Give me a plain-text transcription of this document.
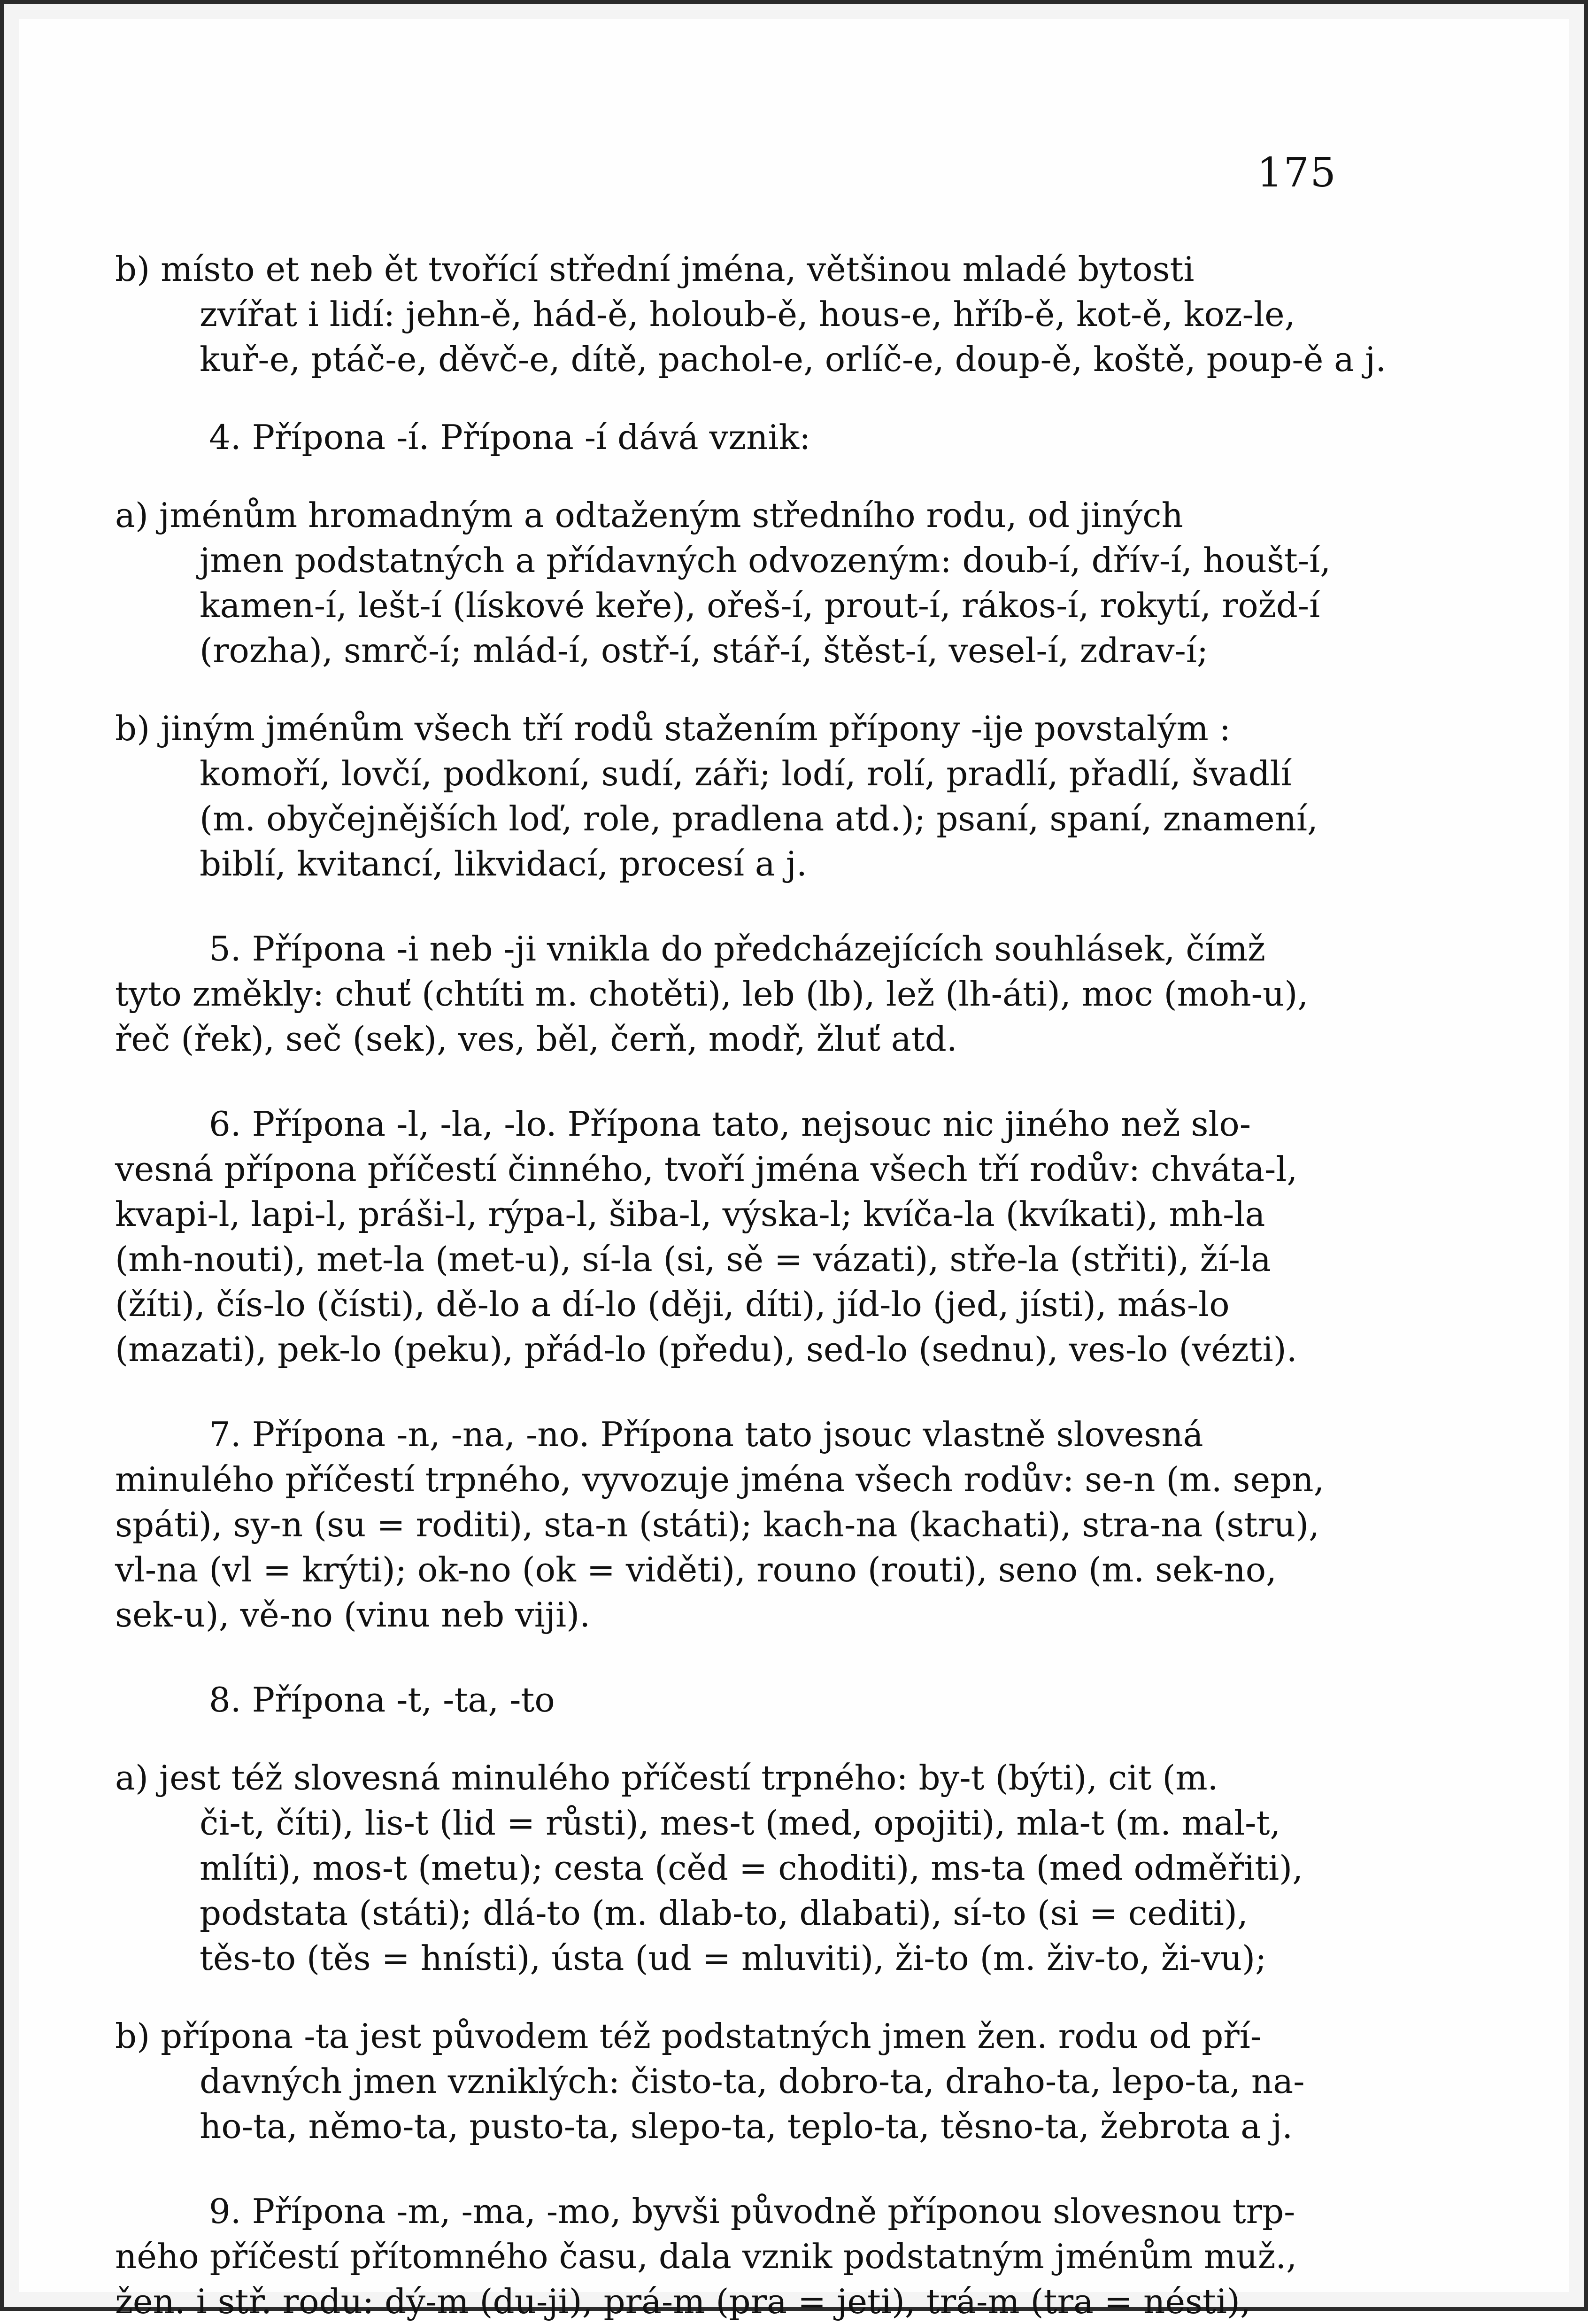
175
b) místo et neb ět tvořící střední jména, většinou mladé bytosti
zvířat i lidí: jehn-ě, hád-ě, holoub-ě, hous-e, hříb-ě, kot-ě, koz-le,
kuř-e, ptáč-e, děvč-e, dítě, pachol-e, orlíč-e, doup-ě, koště, poup-ě a j.
4. Přípona -í. Přípona -í dává vznik:
a) jménům hromadným a odtaženým středního rodu, od jiných
jmen podstatných a přídavných odvozeným: doub-í, dřív-í, houšt-í,
kamen-í, lešt-í (lískové keře), ořeš-í, prout-í, rákos-í, rokytí, rožd-í
(rozha), smrč-í; mlád-í, ostř-í, stář-í, štěst-í, vesel-í, zdrav-í;
b) jiným jménům všech tří rodů stažením přípony -ije povstalým :
komoří, lovčí, podkoní, sudí, záři; lodí, rolí, pradlí, přadlí, švadlí
(m. obyčejnějších loď, role, pradlena atd.); psaní, spaní, znamení,
biblí, kvitancí, likvidací, procesí a j.
5. Přípona -i neb -ji vnikla do předcházejících souhlásek, čímž
tyto změkly: chuť (chtíti m. chotěti), leb (lb), lež (lh-áti), moc (moh-u),
řeč (řek), seč (sek), ves, běl, čerň, modř, žluť atd.
6. Přípona -l, -la, -lo. Přípona tato, nejsouc nic jiného než slo-
vesná přípona příčestí činného, tvoří jména všech tří rodův: chváta-l,
kvapi-l, lapi-l, práši-l, rýpa-l, šiba-l, výska-l; kvíča-la (kvíkati), mh-la
(mh-nouti), met-la (met-u), sí-la (si, sě = vázati), stře-la (střiti), ží-la
(žíti), čís-lo (čísti), dě-lo a dí-lo (ději, díti), jíd-lo (jed, jísti), más-lo
(mazati), pek-lo (peku), přád-lo (předu), sed-lo (sednu), ves-lo (vézti).
7. Přípona -n, -na, -no. Přípona tato jsouc vlastně slovesná
minulého příčestí trpného, vyvozuje jména všech rodův: se-n (m. sepn,
spáti), sy-n (su = roditi), sta-n (státi); kach-na (kachati), stra-na (stru),
vl-na (vl = krýti); ok-no (ok = viděti), rouno (routi), seno (m. sek-no,
sek-u), vě-no (vinu neb viji).
8. Přípona -t, -ta, -to
a) jest též slovesná minulého příčestí trpného: by-t (býti), cit (m.
či-t, číti), lis-t (lid = růsti), mes-t (med, opojiti), mla-t (m. mal-t,
mlíti), mos-t (metu); cesta (cěd = choditi), ms-ta (med odměřiti),
podstata (státi); dlá-to (m. dlab-to, dlabati), sí-to (si = ceditі),
těs-to (těs = hnísti), ústa (ud = mluviti), ži-to (m. živ-to, ži-vu);
b) přípona -ta jest původem též podstatných jmen žen. rodu od pří-
davných jmen vzniklých: čisto-ta, dobro-ta, draho-ta, lepo-ta, na-
ho-ta, němo-ta, pusto-ta, slepo-ta, teplo-ta, těsno-ta, žebrota a j.
9. Přípona -m, -ma, -mo, byvši původně příponou slovesnou trp-
ného příčestí přítomného času, dala vznik podstatným jménům muž.,
žen. i stř. rodu: dý-m (du-ji), prá-m (pra = jeti), trá-m (tra = nésti),
